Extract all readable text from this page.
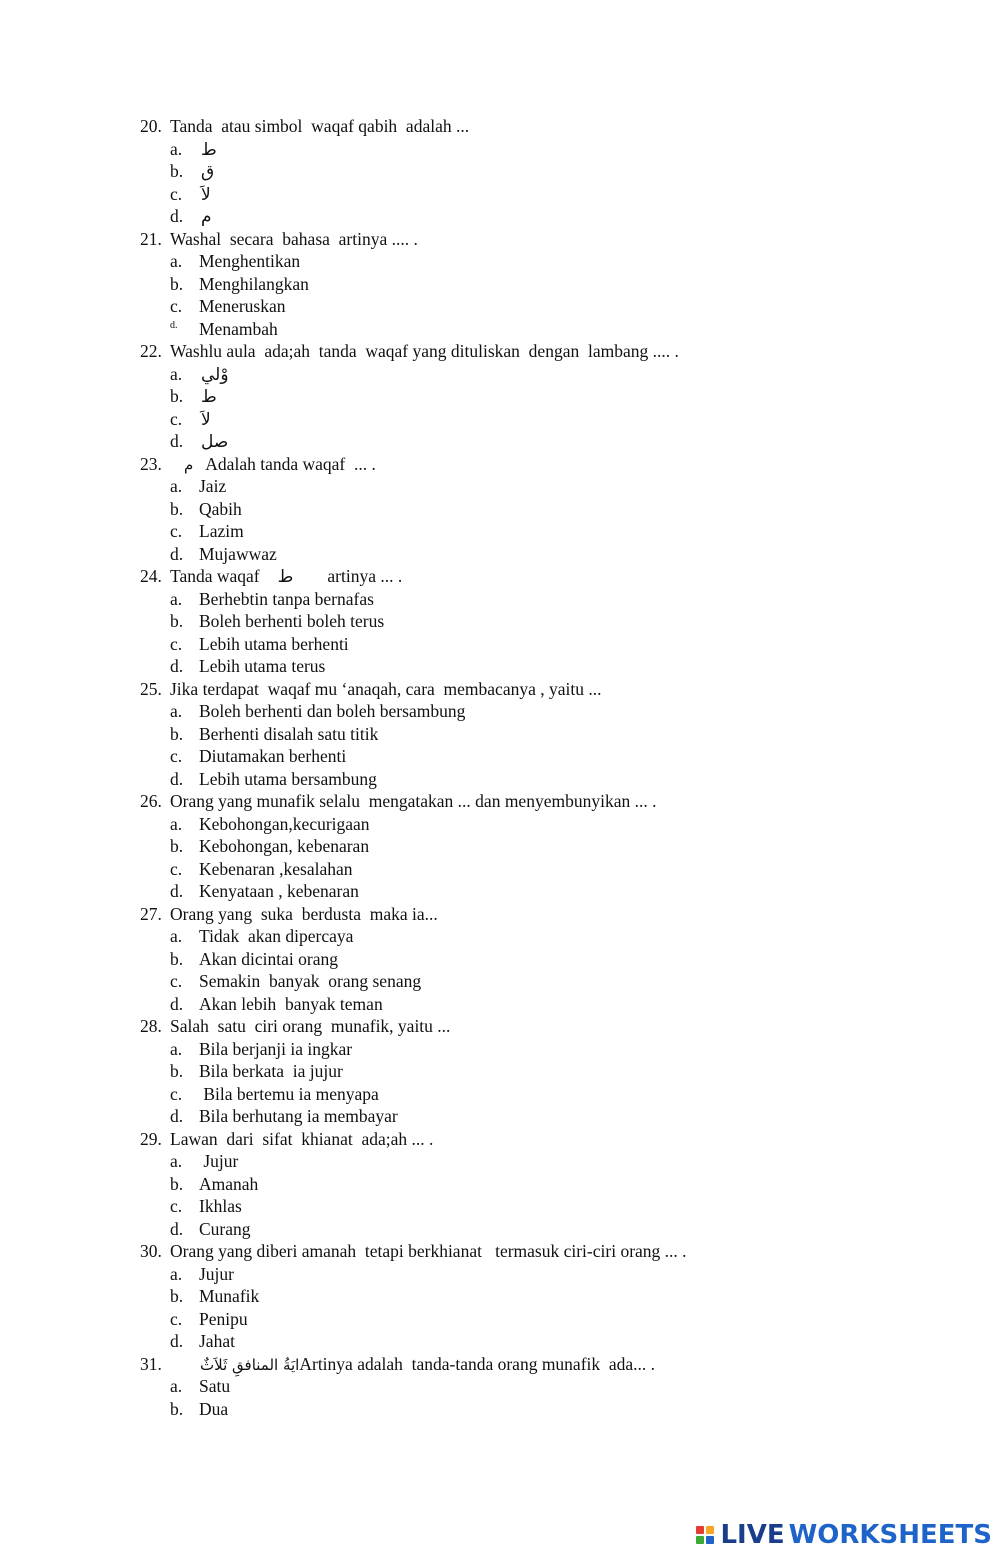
20. Tanda  atau simbol  waqaf qabih  adalah ...
a.	ط
b.	ق
c.	لاَ
d.	م
21. Washal  secara  bahasa  artinya .... .
a. Menghentikan
b. Menghilangkan
c. Meneruskan
d.	Menambah
22. Washlu aula  ada;ah  tanda  waqaf yang dituliskan  dengan  lambang .... .
a.	وْلي
b.	ط
c.	لاَ
d.	صل
23.	م Adalah tanda waqaf  ... .
a. Jaiz
b. Qabih
c. Lazim
d. Mujawwaz
24. Tanda waqaf ط artinya ... .
a. Berhebtin tanpa bernafas
b. Boleh berhenti boleh terus
c. Lebih utama berhenti
d. Lebih utama terus
25. Jika terdapat  waqaf mu ‘anaqah, cara  membacanya , yaitu ...
a. Boleh berhenti dan boleh bersambung
b. Berhenti disalah satu titik
c. Diutamakan berhenti
d. Lebih utama bersambung
26. Orang yang munafik selalu  mengatakan ... dan menyembunyikan ... .
a. Kebohongan,kecurigaan
b. Kebohongan, kebenaran
c. Kebenaran ,kesalahan
d. Kenyataan , kebenaran
27. Orang yang  suka  berdusta  maka ia...
a. Tidak  akan dipercaya
b. Akan dicintai orang
c. Semakin  banyak  orang senang
d. Akan lebih  banyak teman
28. Salah  satu  ciri orang  munafik, yaitu ...
a. Bila berjanji ia ingkar
b. Bila berkata  ia jujur
c. Bila bertemu ia menyapa
d. Bila berhutang ia membayar
29. Lawan  dari  sifat  khianat  ada;ah ... .
a. Jujur
b. Amanah
c. Ikhlas
d. Curang
30. Orang yang diberi amanah  tetapi berkhianat   termasuk ciri-ciri orang ... .
a. Jujur
b. Munafik
c. Penipu
d. Jahat
31.	ايَةُ المنافقِ ثَلاَثٌ Artinya adalah  tanda-tanda orang munafik  ada... .
a. Satu
b. Dua
LIVE WORKSHEETS
